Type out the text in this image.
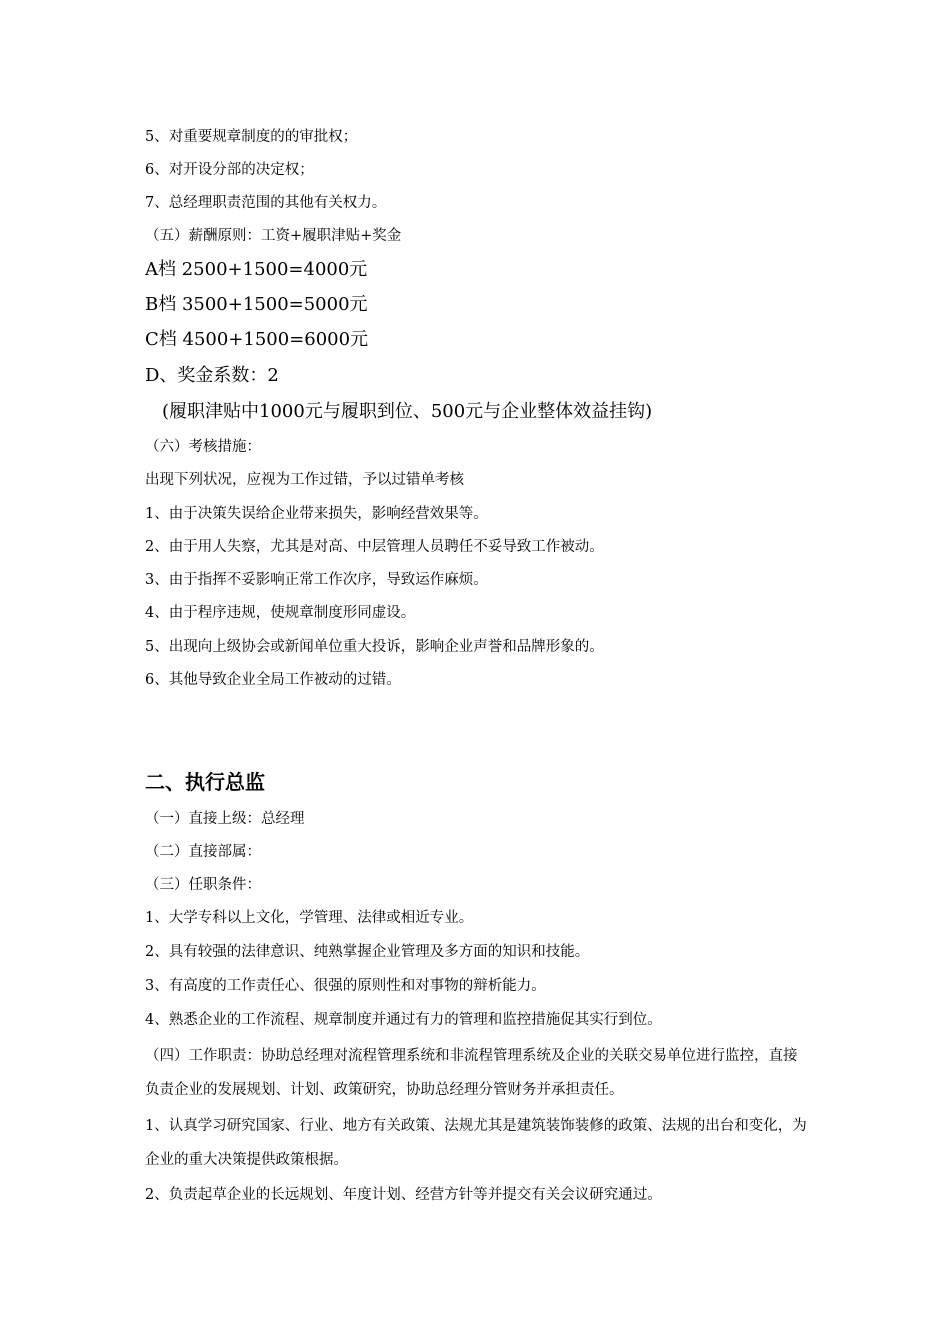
5、对重要规章制度的的审批权；
6、对开设分部的决定权；
7、总经理职责范围的其他有关权力。
（五）薪酬原则：工资+履职津贴+奖金
A档 2500+1500=4000元
B档 3500+1500=5000元
C档 4500+1500=6000元
D、奖金系数：2
(履职津贴中1000元与履职到位、500元与企业整体效益挂钩)
（六）考核措施：
出现下列状况，应视为工作过错，予以过错单考核
1、由于决策失误给企业带来损失，影响经营效果等。
2、由于用人失察，尤其是对高、中层管理人员聘任不妥导致工作被动。
3、由于指挥不妥影响正常工作次序，导致运作麻烦。
4、由于程序违规，使规章制度形同虚设。
5、出现向上级协会或新闻单位重大投诉，影响企业声誉和品牌形象的。
6、其他导致企业全局工作被动的过错。
二、执行总监
（一）直接上级：总经理
（二）直接部属：
（三）任职条件：
1、大学专科以上文化，学管理、法律或相近专业。
2、具有较强的法律意识、纯熟掌握企业管理及多方面的知识和技能。
3、有高度的工作责任心、很强的原则性和对事物的辩析能力。
4、熟悉企业的工作流程、规章制度并通过有力的管理和监控措施促其实行到位。
（四）工作职责：协助总经理对流程管理系统和非流程管理系统及企业的关联交易单位进行监控，直接负责企业的发展规划、计划、政策研究，协助总经理分管财务并承担责任。
1、认真学习研究国家、行业、地方有关政策、法规尤其是建筑装饰装修的政策、法规的出台和变化，为企业的重大决策提供政策根据。
2、负责起草企业的长远规划、年度计划、经营方针等并提交有关会议研究通过。
